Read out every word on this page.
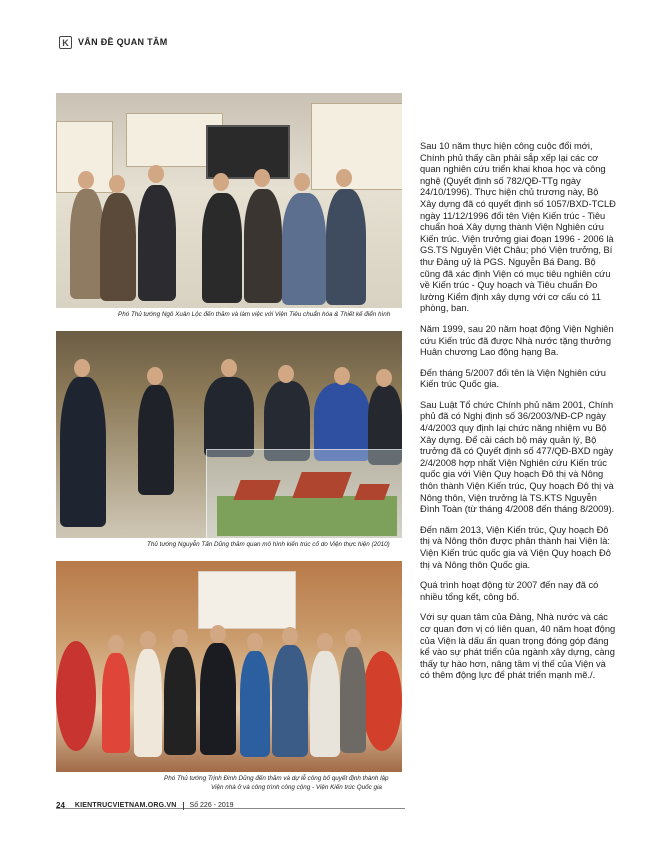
K	VẤN ĐỀ QUAN TÂM
Phó Thủ tướng Ngô Xuân Lộc đến thăm và làm việc với Viện Tiêu chuẩn hóa & Thiết kế điển hình
Thủ tướng Nguyễn Tấn Dũng thăm quan mô hình kiến trúc cố do Viện thực hiện (2010)
Phó Thủ tướng Trịnh Đình Dũng đến thăm và dự lễ công bố quyết định thành lập
Viện nhà ở và công trình công cộng - Viện Kiến trúc Quốc gia

Sau 10 năm thực hiện công cuộc đổi mới, Chính phủ thấy cần phải sắp xếp lại các cơ quan nghiên cứu triển khai khoa học và công nghệ (Quyết định số 782/QĐ-TTg ngày 24/10/1996). Thực hiện chủ trương này, Bộ Xây dựng đã có quyết định số 1057/BXD-TCLĐ ngày 11/12/1996 đổi tên Viện Kiến trúc - Tiêu chuẩn hoá Xây dựng thành Viện Nghiên cứu Kiến trúc. Viện trưởng giai đoạn 1996 - 2006 là GS.TS Nguyễn Việt Châu; phó Viện trưởng, Bí thư Đảng uỷ là PGS. Nguyễn Bá Đang. Bộ cũng đã xác định Viện có mục tiêu nghiên cứu về Kiến trúc - Quy hoạch và Tiêu chuẩn Đo lường Kiểm định xây dựng với cơ cấu có 11 phòng, ban.

Năm 1999, sau 20 năm hoạt động Viện Nghiên cứu Kiến trúc đã được Nhà nước tặng thưởng Huân chương Lao động hạng Ba.

Đến tháng 5/2007 đổi tên là Viện Nghiên cứu Kiến trúc Quốc gia.

Sau Luật Tổ chức Chính phủ năm 2001, Chính phủ đã có Nghị định số 36/2003/NĐ-CP ngày 4/4/2003 quy định lại chức năng nhiệm vụ Bộ Xây dựng. Để cải cách bộ máy quản lý, Bộ trưởng đã có Quyết định số 477/QĐ-BXD ngày 2/4/2008 hợp nhất Viện Nghiên cứu Kiến trúc quốc gia với Viện Quy hoạch Đô thị và Nông thôn thành Viện Kiến trúc, Quy hoạch Đô thị và Nông thôn, Viện trưởng là TS.KTS Nguyễn Đình Toàn (từ tháng 4/2008 đến tháng 8/2009).

Đến năm 2013, Viện Kiến trúc, Quy hoạch Đô thị và Nông thôn được phân thành hai Viện là: Viện Kiến trúc quốc gia và Viện Quy hoạch Đô thị và Nông thôn Quốc gia.

Quá trình hoạt động từ 2007 đến nay đã có nhiều tổng kết, công bố.

Với sự quan tâm của Đảng, Nhà nước và các cơ quan đơn vị có liên quan, 40 năm hoạt động của Viện là dấu ấn quan trọng đóng góp đáng kể vào sự phát triển của ngành xây dựng, càng thấy tự hào hơn, nâng tầm vị thế của Viện và có thêm động lực để phát triển mạnh mẽ./.

24 KIENTRUCVIETNAM.ORG.VN Số 226 - 2019
